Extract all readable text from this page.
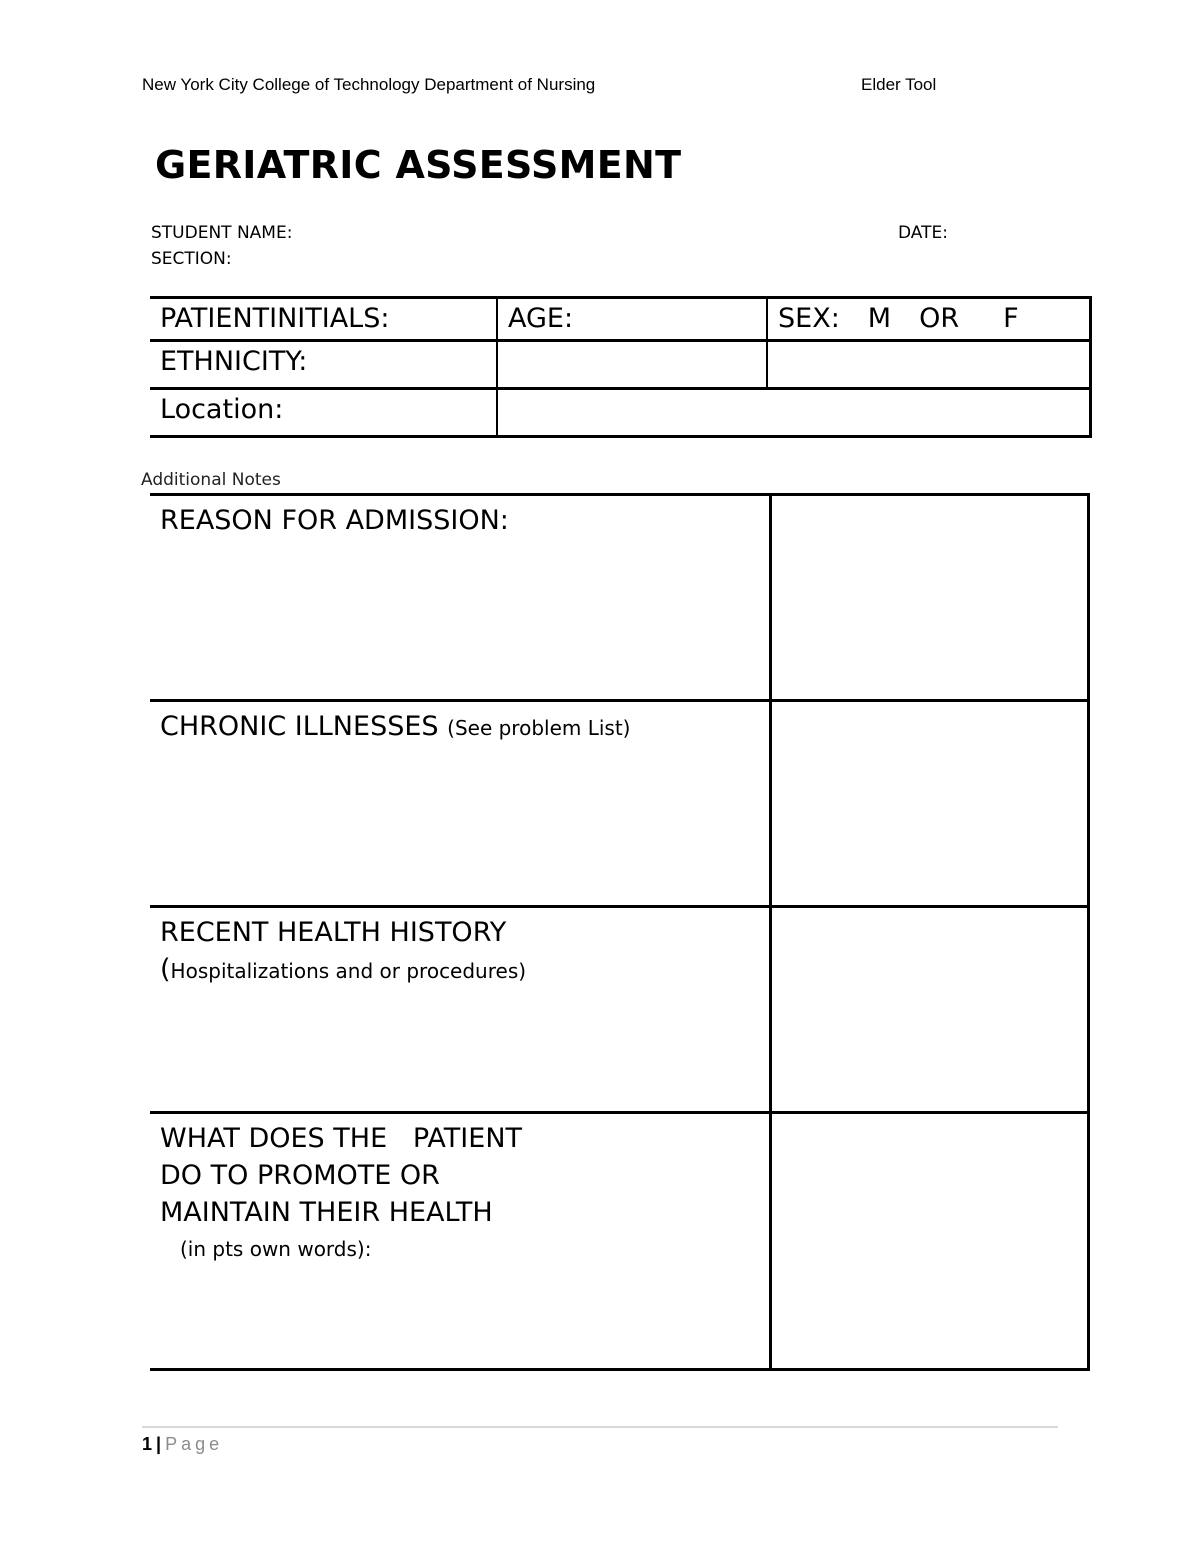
New York City College of Technology Department of Nursing	Elder Tool
GERIATRIC ASSESSMENT
STUDENT NAME:	DATE:
SECTION:
PATIENTINITIALS:	AGE:	SEX: M OR F
ETHNICITY:		
Location:		
Additional Notes
REASON FOR ADMISSION:	

CHRONIC ILLNESSES (See problem List)	

RECENT HEALTH HISTORY
(Hospitalizations and or procedures)	

WHAT DOES THE   PATIENT
DO TO PROMOTE OR
MAINTAIN THEIR HEALTH
(in pts own words):	

1 | Page
